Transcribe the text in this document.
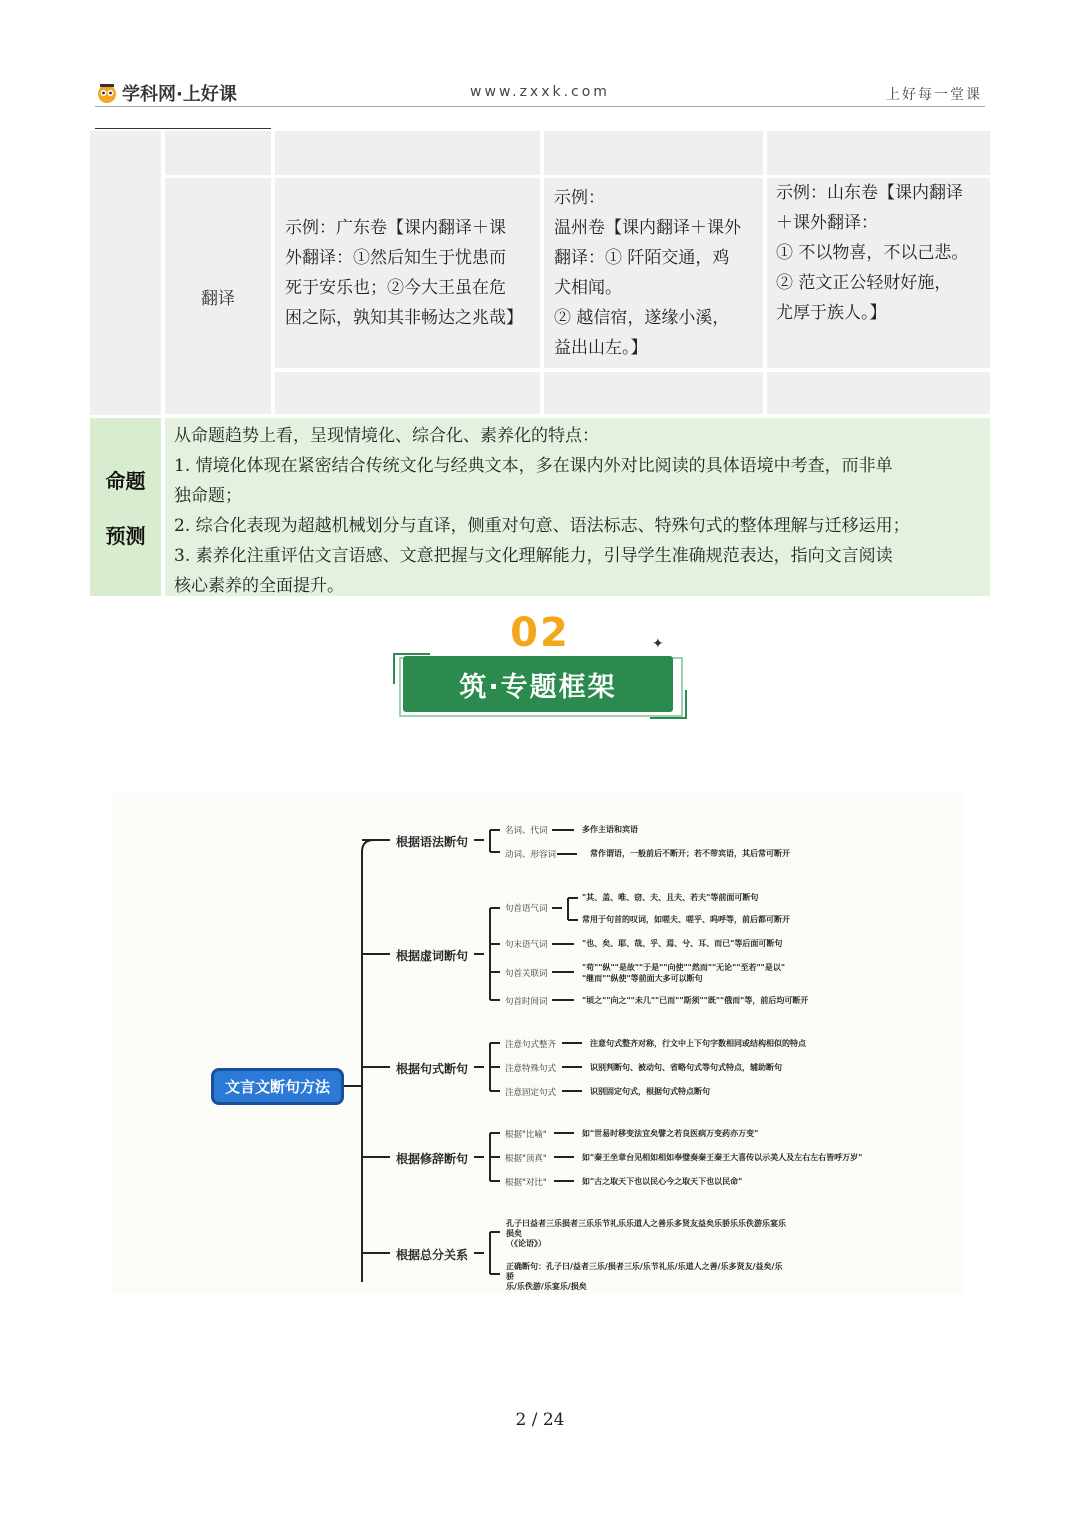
学科网·上好课	www.zxxk.com	上好每一堂课
翻译
示例：广东卷【课内翻译＋课
外翻译：①然后知生于忧患而
死于安乐也；②今大王虽在危
困之际，孰知其非畅达之兆哉】
示例：
温州卷【课内翻译＋课外
翻译：① 阡陌交通，鸡
犬相闻。
② 越信宿，遂缘小溪，
益出山左。】
示例：山东卷【课内翻译
＋课外翻译：
① 不以物喜，不以己悲。
② 范文正公轻财好施，
尤厚于族人。】
命题
预测
从命题趋势上看，呈现情境化、综合化、素养化的特点：
1. 情境化体现在紧密结合传统文化与经典文本，多在课内外对比阅读的具体语境中考查，而非单
独命题；
2. 综合化表现为超越机械划分与直译，侧重对句意、语法标志、特殊句式的整体理解与迁移运用；
3. 素养化注重评估文言语感、文意把握与文化理解能力，引导学生准确规范表达，指向文言阅读
核心素养的全面提升。
02
筑·专题框架
✦
文言文断句方法
根据语法断句
名词、代词	多作主语和宾语
动词、形容词	常作谓语，一般前后不断开；若不带宾语，其后常可断开
根据虚词断句
句首语气词
"其、盖、唯、窃、夫、且夫、若夫"等前面可断句
常用于句首的叹词，如嗟夫、嗟乎、呜呼等，前后都可断开
句末语气词	"也、矣、耶、哉、乎、焉、兮、耳、而已"等后面可断句
句首关联词
"苟""纵""是故""于是""向使""然而""无论""至若""是以"
"继而""纵使"等前面大多可以断句
句首时间词	"顷之""向之""未几""已而""斯须""既""俄而"等，前后均可断开
根据句式断句
注意句式整齐	注意句式整齐对称，行文中上下句字数相同或结构相似的特点
注意特殊句式	识别判断句、被动句、省略句式等句式特点，辅助断句
注意固定句式	识别固定句式，根据句式特点断句
根据修辞断句
根据"比喻"	如"世易时移变法宜矣譬之若良医病万变药亦万变"
根据"顶真"	如"秦王坐章台见相如相如奉璧奏秦王秦王大喜传以示美人及左右左右皆呼万岁"
根据"对比"	如"古之取天下也以民心今之取天下也以民命"
根据总分关系
孔子曰益者三乐损者三乐乐节礼乐乐道人之善乐多贤友益矣乐骄乐乐佚游乐宴乐
损矣
（《论语》）
正确断句：孔子曰/益者三乐/损者三乐/乐节礼乐/乐道人之善/乐多贤友/益矣/乐
骄
乐/乐佚游/乐宴乐/损矣
2 / 24
